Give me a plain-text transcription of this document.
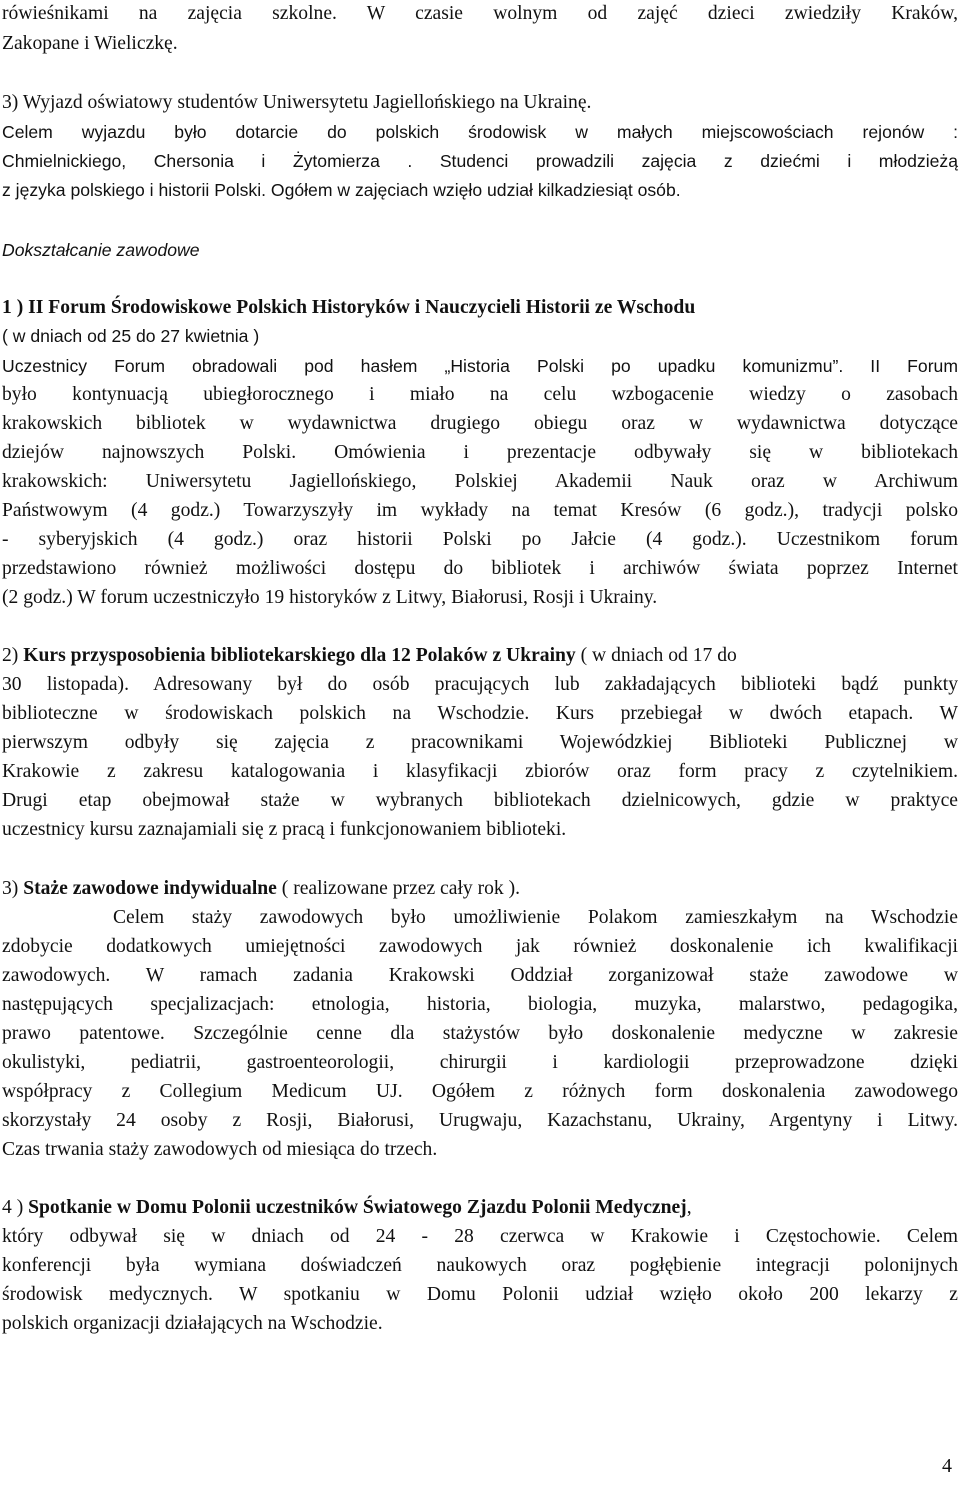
rówieśnikami na zajęcia szkolne. W czasie wolnym od zajęć dzieci zwiedziły Kraków,
Zakopane i Wieliczkę.
3) Wyjazd oświatowy studentów Uniwersytetu Jagiellońskiego na Ukrainę.
Celem wyjazdu było dotarcie do polskich środowisk w małych miejscowościach rejonów :
Chmielnickiego, Chersonia i Żytomierza . Studenci prowadzili zajęcia z dziećmi i młodzieżą
z języka polskiego i historii Polski. Ogółem w zajęciach wzięło udział kilkadziesiąt osób.
Dokształcanie zawodowe
1 ) II Forum Środowiskowe Polskich Historyków i Nauczycieli Historii ze Wschodu
( w dniach od 25 do 27 kwietnia )
Uczestnicy Forum obradowali pod hasłem „Historia Polski po upadku komunizmu”. II Forum
było kontynuacją ubiegłorocznego i miało na celu wzbogacenie wiedzy o zasobach
krakowskich bibliotek w wydawnictwa drugiego obiegu oraz w wydawnictwa dotyczące
dziejów najnowszych Polski. Omówienia i prezentacje odbywały się w bibliotekach
krakowskich: Uniwersytetu Jagiellońskiego, Polskiej Akademii Nauk oraz w Archiwum
Państwowym (4 godz.) Towarzyszyły im wykłady na temat Kresów (6 godz.), tradycji polsko
- syberyjskich (4 godz.) oraz historii Polski po Jałcie (4 godz.). Uczestnikom forum
przedstawiono również możliwości dostępu do bibliotek i archiwów świata poprzez Internet
(2 godz.) W forum uczestniczyło 19 historyków z Litwy, Białorusi, Rosji i Ukrainy.
2) Kurs przysposobienia bibliotekarskiego dla 12 Polaków z Ukrainy ( w dniach od 17 do
30 listopada). Adresowany był do osób pracujących lub zakładających biblioteki bądź punkty
biblioteczne w środowiskach polskich na Wschodzie. Kurs przebiegał w dwóch etapach. W
pierwszym odbyły się zajęcia z pracownikami Wojewódzkiej Biblioteki Publicznej w
Krakowie z zakresu katalogowania i klasyfikacji zbiorów oraz form pracy z czytelnikiem.
Drugi etap obejmował staże w wybranych bibliotekach dzielnicowych, gdzie w praktyce
uczestnicy kursu zaznajamiali się z pracą i funkcjonowaniem biblioteki.
3) Staże zawodowe indywidualne ( realizowane przez cały rok ).
Celem staży zawodowych było umożliwienie Polakom zamieszkałym na Wschodzie
zdobycie dodatkowych umiejętności zawodowych jak również doskonalenie ich kwalifikacji
zawodowych. W ramach zadania Krakowski Oddział zorganizował staże zawodowe w
następujących specjalizacjach: etnologia, historia, biologia, muzyka, malarstwo, pedagogika,
prawo patentowe. Szczególnie cenne dla stażystów było doskonalenie medyczne w zakresie
okulistyki, pediatrii, gastroenteorologii, chirurgii i kardiologii przeprowadzone dzięki
współpracy z Collegium Medicum UJ. Ogółem z różnych form doskonalenia zawodowego
skorzystały 24 osoby z Rosji, Białorusi, Urugwaju, Kazachstanu, Ukrainy, Argentyny i Litwy.
Czas trwania staży zawodowych od miesiąca do trzech.
4 ) Spotkanie w Domu Polonii uczestników Światowego Zjazdu Polonii Medycznej,
który odbywał się w dniach od 24 - 28 czerwca w Krakowie i Częstochowie. Celem
konferencji była wymiana doświadczeń naukowych oraz pogłębienie integracji polonijnych
środowisk medycznych. W spotkaniu w Domu Polonii udział wzięło około 200 lekarzy z
polskich organizacji działających na Wschodzie.
4
